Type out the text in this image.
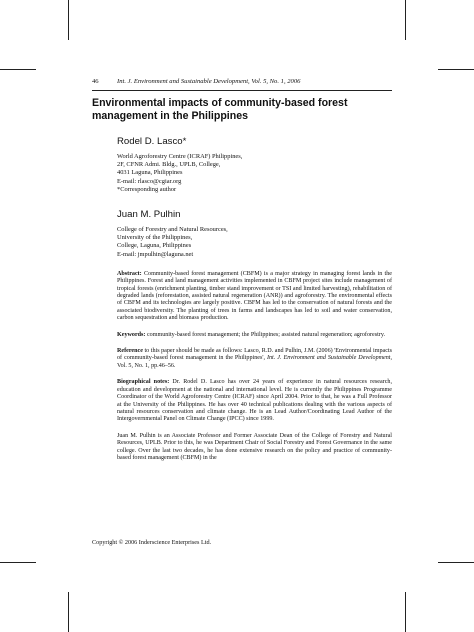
46	Int. J. Environment and Sustainable Development, Vol. 5, No. 1, 2006
Environmental impacts of community-based forest management in the Philippines
Rodel D. Lasco*
World Agroforestry Centre (ICRAF) Philippines,
2F, CFNR Admi. Bldg., UPLB, College,
4031 Laguna, Philippines
E-mail: rlasco@cgiar.org
*Corresponding author
Juan M. Pulhin
College of Forestry and Natural Resources,
University of the Philippines,
College, Laguna, Philippines
E-mail: jmpulhin@laguna.net
Abstract: Community-based forest management (CBFM) is a major strategy in managing forest lands in the Philippines. Forest and land management activities implemented in CBFM project sites include management of tropical forests (enrichment planting, timber stand improvement or TSI and limited harvesting), rehabilitation of degraded lands (reforestation, assisted natural regeneration (ANR)) and agroforestry. The environmental effects of CBFM and its technologies are largely positive. CBFM has led to the conservation of natural forests and the associated biodiversity. The planting of trees in farms and landscapes has led to soil and water conservation, carbon sequestration and biomass production.
Keywords: community-based forest management; the Philippines; assisted natural regeneration; agroforestry.
Reference to this paper should be made as follows: Lasco, R.D. and Pulhin, J.M. (2006) 'Environmental impacts of community-based forest management in the Philippines', Int. J. Environment and Sustainable Development, Vol. 5, No. 1, pp.46–56.
Biographical notes: Dr. Rodel D. Lasco has over 24 years of experience in natural resources research, education and development at the national and international level. He is currently the Philippines Programme Coordinator of the World Agroforestry Centre (ICRAF) since April 2004. Prior to that, he was a Full Professor at the University of the Philippines. He has over 40 technical publications dealing with the various aspects of natural resources conservation and climate change. He is an Lead Author/Coordinating Lead Author of the Intergovernmental Panel on Climate Change (IPCC) since 1999.
Juan M. Pulhin is an Associate Professor and Former Associate Dean of the College of Forestry and Natural Resources, UPLB. Prior to this, he was Department Chair of Social Forestry and Forest Governance in the same college. Over the last two decades, he has done extensive research on the policy and practice of community-based forest management (CBFM) in the
Copyright © 2006 Inderscience Enterprises Ltd.
